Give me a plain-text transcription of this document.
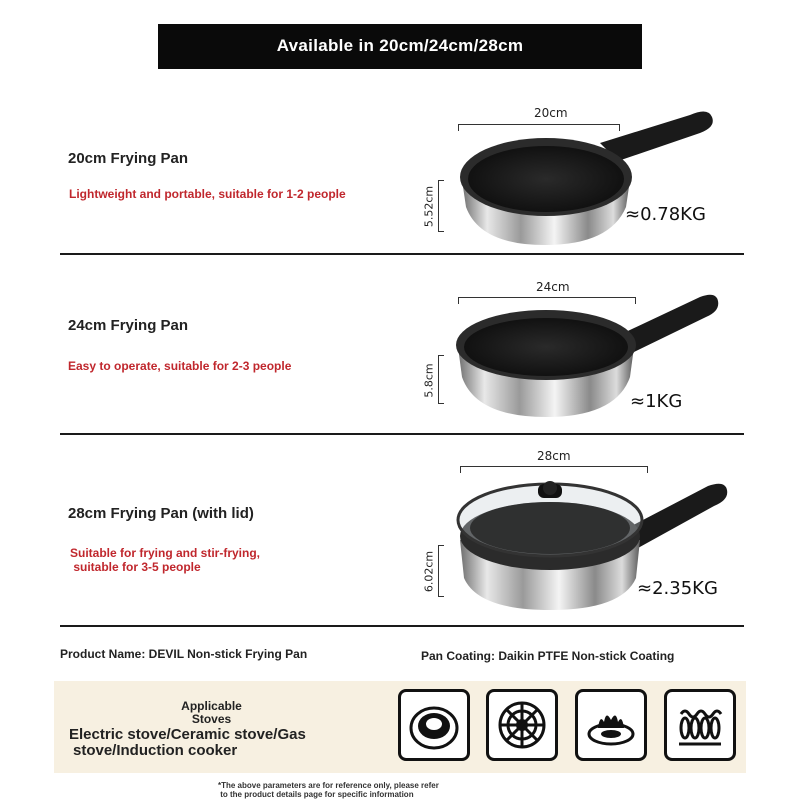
Available in 20cm/24cm/28cm
20cm Frying Pan
Lightweight and portable, suitable for 1-2 people
20cm
5.52cm	≈0.78KG
24cm Frying Pan
Easy to operate, suitable for 2-3 people
24cm
5.8cm
≈1KG
28cm Frying Pan (with lid)
Suitable for frying and stir-frying,
suitable for 3-5 people
28cm
6.02cm	≈2.35KG
Product Name: DEVIL Non-stick Frying Pan	Pan Coating: Daikin PTFE Non-stick Coating
Applicable
Stoves
Electric stove/Ceramic stove/Gas
stove/Induction cooker
*The above parameters are for reference only, please refer
to the product details page for specific information
